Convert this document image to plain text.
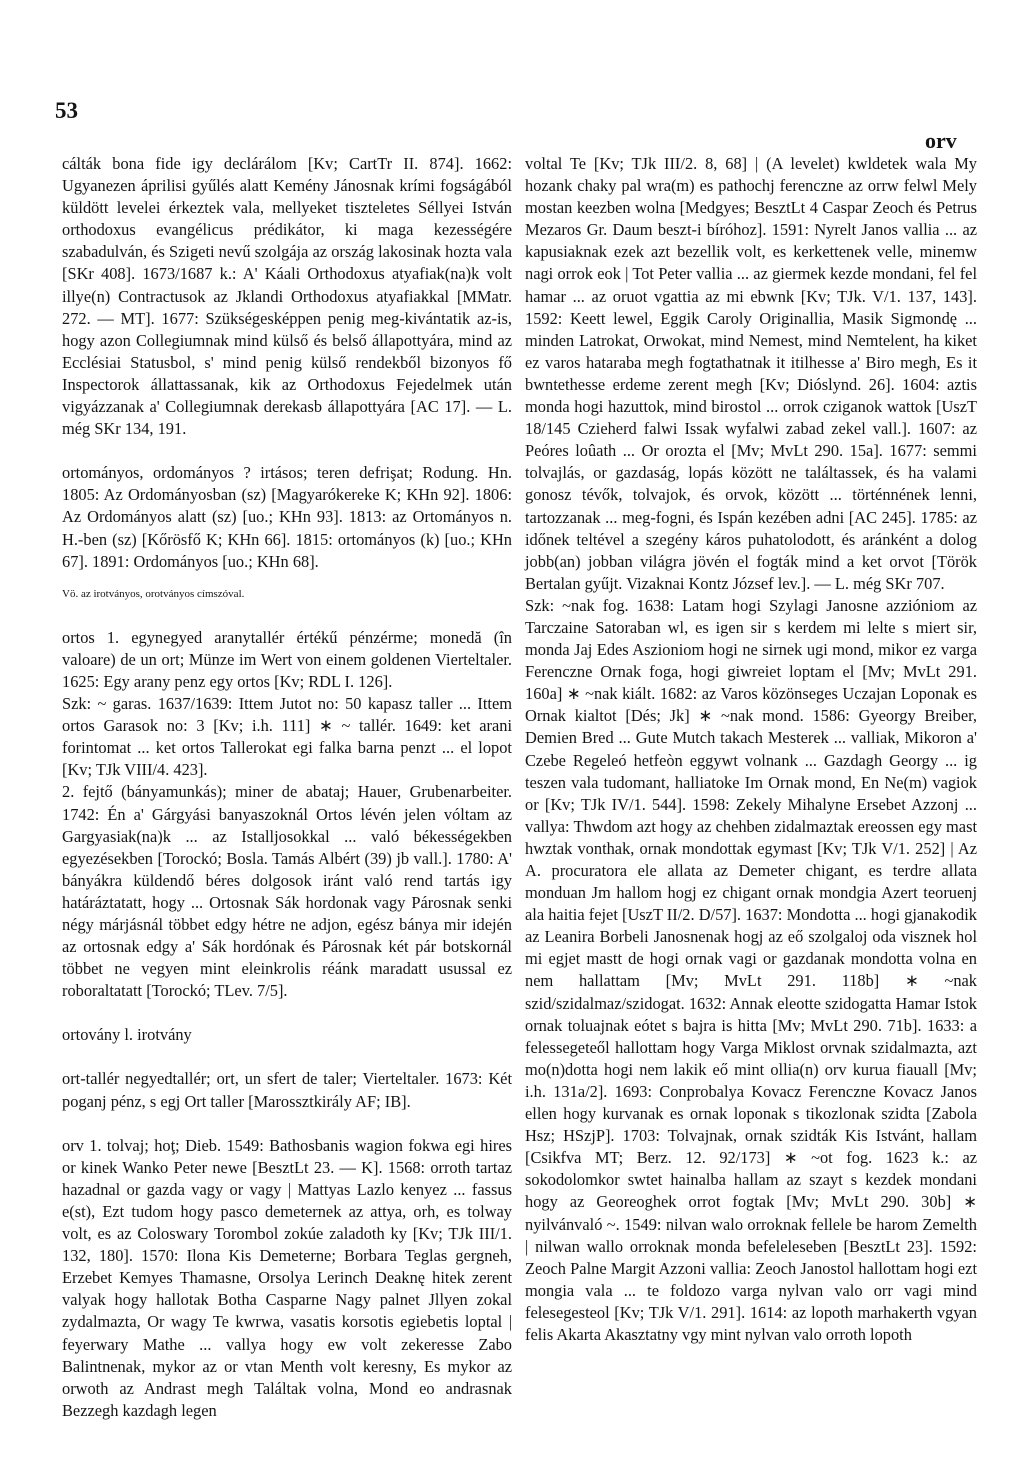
53
orv

cálták bona fide igy declárálom [Kv; CartTr II. 874]. 1662: Ugyanezen áprilisi gyűlés alatt Kemény Jánosnak krími fogságából küldött levelei érkeztek vala, mellyeket tiszteletes Séllyei István orthodoxus evangélicus prédikátor, ki maga kezességére szabadulván, és Szigeti nevű szolgája az ország lakosinak hozta vala [SKr 408]. 1673/1687 k.: A' Káali Orthodoxus atyafiak(na)k volt illye(n) Contractusok az Jklandi Orthodoxus atyafiakkal [MMatr. 272. — MT]. 1677: Szükségesképpen penig meg-kivántatik az-is, hogy azon Collegiumnak mind külső és belső állapottyára, mind az Ecclésiai Statusbol, s' mind penig külső rendekből bizonyos fő Inspectorok állattassanak, kik az Orthodoxus Fejedelmek után vigyázzanak a' Collegiumnak derekasb állapottyára [AC 17]. — L. még SKr 134, 191.

ortományos, ordományos ? irtásos; teren defrişat; Rodung. Hn. 1805: Az Ordományosban (sz) [Magyarókereke K; KHn 92]. 1806: Az Ordományos alatt (sz) [uo.; KHn 93]. 1813: az Ortományos n. H.-ben (sz) [Kőrösfő K; KHn 66]. 1815: ortományos (k) [uo.; KHn 67]. 1891: Ordományos [uo.; KHn 68].

Vö. az irotványos, orotványos címszóval.

ortos 1. egynegyed aranytallér értékű pénzérme; monedă (în valoare) de un ort; Münze im Wert von einem goldenen Vierteltaler. 1625: Egy arany penz egy ortos [Kv; RDL I. 126].

Szk: ~ garas. 1637/1639: Ittem Jutot no: 50 kapasz taller ... Ittem ortos Garasok no: 3 [Kv; i.h. 111] ∗ ~ tallér. 1649: ket arani forintomat ... ket ortos Tallerokat egi falka barna penzt ... el lopot [Kv; TJk VIII/4. 423].

2. fejtő (bányamunkás); miner de abataj; Hauer, Grubenarbeiter. 1742: Én a' Gárgyási banyaszoknál Ortos lévén jelen vóltam az Gargyasiak(na)k ... az Istalljosokkal ... való békességekben egyezésekben [Torockó; Bosla. Tamás Albért (39) jb vall.]. 1780: A' bányákra küldendő béres dolgosok iránt való rend tartás igy határáztatatt, hogy ... Ortosnak Sák hordonak vagy Párosnak senki négy márjásnál többet edgy hétre ne adjon, egész bánya mir idején az ortosnak edgy a' Sák hordónak és Párosnak két pár botskornál többet ne vegyen mint eleinkrolis réánk maradatt usussal ez roboraltatatt [Torockó; TLev. 7/5].

ortovány l. irotvány

ort-tallér negyedtallér; ort, un sfert de taler; Vierteltaler. 1673: Két poganj pénz, s egj Ort taller [Marossztkirály AF; IB].

orv 1. tolvaj; hoţ; Dieb. 1549: Bathosbanis wagion fokwa egi hires or kinek Wanko Peter newe [BesztLt 23. — K]. 1568: orroth tartaz hazadnal or gazda vagy or vagy | Mattyas Lazlo kenyez ... fassus e(st), Ezt tudom hogy pasco demeternek az attya, orh, es tolway volt, es az Coloswary Torombol zokúe zaladoth ky [Kv; TJk III/1. 132, 180]. 1570: Ilona Kis Demeterne; Borbara Teglas gergneh, Erzebet Kemyes Thamasne, Orsolya Lerinch Deaknę hitek zerent valyak hogy hallotak Botha Casparne Nagy palnet Jllyen zokal zydalmazta, Or wagy Te kwrwa, vasatis korsotis egiebetis loptal | feyerwary Mathe ... vallya hogy ew volt zekeresse Zabo Balintnenak, mykor az or vtan Menth volt keresny, Es mykor az orwoth az Andrast megh Találtak volna, Mond eo andrasnak Bezzegh kazdagh legen

voltal Te [Kv; TJk III/2. 8, 68] | (A levelet) kwldetek wala My hozank chaky pal wra(m) es pathochj ferenczne az orrw felwl Mely mostan keezben wolna [Medgyes; BesztLt 4 Caspar Zeoch és Petrus Mezaros Gr. Daum beszt-i bíróhoz]. 1591: Nyrelt Janos vallia ... az kapusiaknak ezek azt bezellik volt, es kerkettenek velle, minemw nagi orrok eok | Tot Peter vallia ... az giermek kezde mondani, fel fel hamar ... az oruot vgattia az mi ebwnk [Kv; TJk. V/1. 137, 143]. 1592: Keett lewel, Eggik Caroly Originallia, Masik Sigmondę ... minden Latrokat, Orwokat, mind Nemest, mind Nemtelent, ha kiket ez varos hataraba megh fogtathatnak it itilhesse a' Biro megh, Es it bwntethesse erdeme zerent megh [Kv; Dióslynd. 26]. 1604: aztis monda hogi hazuttok, mind birostol ... orrok cziganok wattok [UszT 18/145 Czieherd falwi Issak wyfalwi zabad zekel vall.]. 1607: az Peóres loûath ... Or orozta el [Mv; MvLt 290. 15a]. 1677: semmi tolvajlás, or gazdaság, lopás között ne találtassek, és ha valami gonosz tévők, tolvajok, és orvok, között ... történnének lenni, tartozzanak ... meg-fogni, és Ispán kezében adni [AC 245]. 1785: az időnek teltével a szegény káros puhatolodott, és aránként a dolog jobb(an) jobban világra jövén el fogták mind a ket orvot [Török Bertalan gyűjt. Vizaknai Kontz József lev.]. — L. még SKr 707.

Szk: ~nak fog. 1638: Latam hogi Szylagi Janosne azzióniom az Tarczaine Satoraban wl, es igen sir s kerdem mi lelte s miert sir, monda Jaj Edes Aszioniom hogi ne sirnek ugi mond, mikor ez varga Ferenczne Ornak foga, hogi giwreiet loptam el [Mv; MvLt 291. 160a] ∗ ~nak kiált. 1682: az Varos közönseges Uczajan Loponak es Ornak kialtot [Dés; Jk] ∗ ~nak mond. 1586: Gyeorgy Breiber, Demien Bred ... Gute Mutch takach Mesterek ... valliak, Mikoron a' Czebe Regeleó hetfeòn eggywt volnank ... Gazdagh Georgy ... ig teszen vala tudomant, halliatoke Im Ornak mond, En Ne(m) vagiok or [Kv; TJk IV/1. 544]. 1598: Zekely Mihalyne Ersebet Azzonj ... vallya: Thwdom azt hogy az chehben zidalmaztak ereossen egy mast hwztak vonthak, ornak mondottak egymast [Kv; TJk V/1. 252] | Az A. procuratora ele allata az Demeter chigant, es terdre allata monduan Jm hallom hogj ez chigant ornak mondgia Azert teoruenj ala haitia fejet [UszT II/2. D/57]. 1637: Mondotta ... hogi gjanakodik az Leanira Borbeli Janosnenak hogj az eő szolgaloj oda visznek hol mi egjet mastt de hogi ornak vagi or gazdanak mondotta volna en nem hallattam [Mv; MvLt 291. 118b] ∗ ~nak szid/szidalmaz/szidogat. 1632: Annak eleotte szidogatta Hamar Istok ornak toluajnak eótet s bajra is hitta [Mv; MvLt 290. 71b]. 1633: a felessegeteől hallottam hogy Varga Miklost orvnak szidalmazta, azt mo(n)dotta hogi nem lakik eő mint ollia(n) orv kurua fiauall [Mv; i.h. 131a/2]. 1693: Conprobalya Kovacz Ferenczne Kovacz Janos ellen hogy kurvanak es ornak loponak s tikozlonak szidta [Zabola Hsz; HSzjP]. 1703: Tolvajnak, ornak szidták Kis Istvánt, hallam [Csikfva MT; Berz. 12. 92/173] ∗ ~ot fog. 1623 k.: az sokodolomkor swtet hainalba hallam az szayt s kezdek mondani hogy az Georeoghek orrot fogtak [Mv; MvLt 290. 30b] ∗ nyilvánvaló ~. 1549: nilvan walo orroknak fellele be harom Zemelth | nilwan wallo orroknak monda befeleleseben [BesztLt 23]. 1592: Zeoch Palne Margit Azzoni vallia: Zeoch Janostol hallottam hogi ezt mongia vala ... te foldozo varga nylvan valo orr vagi mind felesegesteol [Kv; TJk V/1. 291]. 1614: az lopoth marhakerth vgyan felis Akarta Akasztatny vgy mint nylvan valo orroth lopoth
